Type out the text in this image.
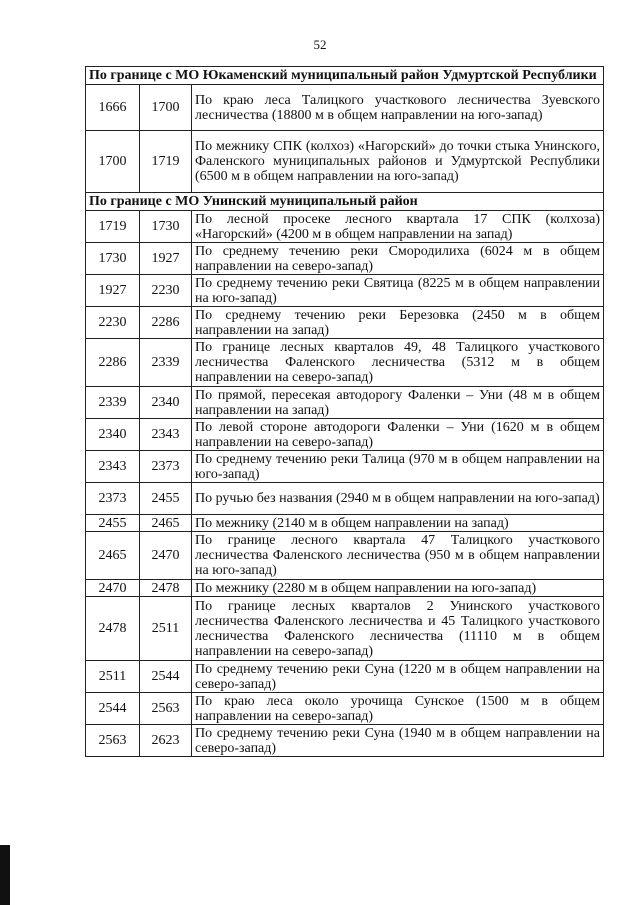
52
По границе с МО Юкаменский муниципальный район Удмуртской Республики		
1666	1700	По краю леса Талицкого участкового лесничества Зуевского лесничества (18800 м в общем направлении на юго-запад)
1700	1719	По межнику СПК (колхоз) «Нагорский» до точки стыка Унинского, Фаленского муниципальных районов и Удмуртской Республики (6500 м в общем направлении на юго-запад)
По границе с МО Унинский муниципальный район		
1719	1730	По лесной просеке лесного квартала 17 СПК (колхоза) «Нагорский» (4200 м в общем направлении на запад)
1730	1927	По среднему течению реки Смородилиха (6024 м в общем направлении на северо-запад)
1927	2230	По среднему течению реки Святица (8225 м в общем направлении на юго-запад)
2230	2286	По среднему течению реки Березовка (2450 м в общем направлении на запад)
2286	2339	По границе лесных кварталов 49, 48 Талицкого участкового лесничества Фаленского лесничества (5312 м в общем направлении на северо-запад)
2339	2340	По прямой, пересекая автодорогу Фаленки – Уни (48 м в общем направлении на запад)
2340	2343	По левой стороне автодороги Фаленки – Уни (1620 м в общем направлении на северо-запад)
2343	2373	По среднему течению реки Талица (970 м в общем направлении на юго-запад)
2373	2455	По ручью без названия (2940 м в общем направлении на юго-запад)
2455	2465	По межнику (2140 м в общем направлении на запад)
2465	2470	По границе лесного квартала 47 Талицкого участкового лесничества Фаленского лесничества (950 м в общем направлении на юго-запад)
2470	2478	По межнику (2280 м в общем направлении на юго-запад)
2478	2511	По границе лесных кварталов 2 Унинского участкового лесничества Фаленского лесничества и 45 Талицкого участкового лесничества Фаленского лесничества (11110 м в общем направлении на северо-запад)
2511	2544	По среднему течению реки Суна (1220 м в общем направлении на северо-запад)
2544	2563	По краю леса около урочища Сунское (1500 м в общем направлении на северо-запад)
2563	2623	По среднему течению реки Суна (1940 м в общем направлении на северо-запад)
